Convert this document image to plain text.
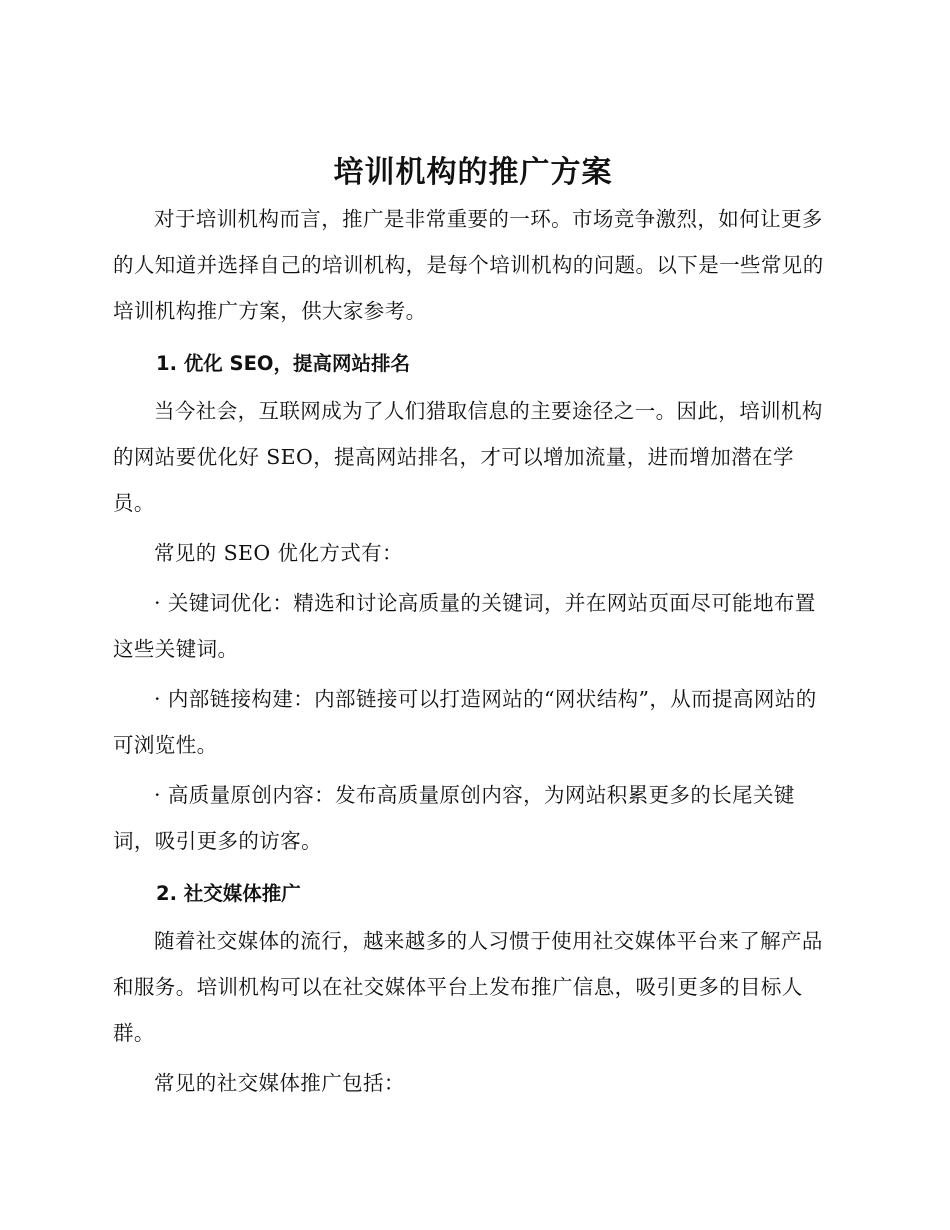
培训机构的推广方案

对于培训机构而言，推广是非常重要的一环。市场竞争激烈，如何让更多的人知道并选择自己的培训机构，是每个培训机构的问题。以下是一些常见的培训机构推广方案，供大家参考。

1. 优化 SEO，提高网站排名

当今社会，互联网成为了人们猎取信息的主要途径之一。因此，培训机构的网站要优化好 SEO，提高网站排名，才可以增加流量，进而增加潜在学员。

常见的 SEO 优化方式有：

· 关键词优化：精选和讨论高质量的关键词，并在网站页面尽可能地布置这些关键词。

· 内部链接构建：内部链接可以打造网站的“网状结构”，从而提高网站的可浏览性。

· 高质量原创内容：发布高质量原创内容，为网站积累更多的长尾关键词，吸引更多的访客。

2. 社交媒体推广

随着社交媒体的流行，越来越多的人习惯于使用社交媒体平台来了解产品和服务。培训机构可以在社交媒体平台上发布推广信息，吸引更多的目标人群。

常见的社交媒体推广包括：
